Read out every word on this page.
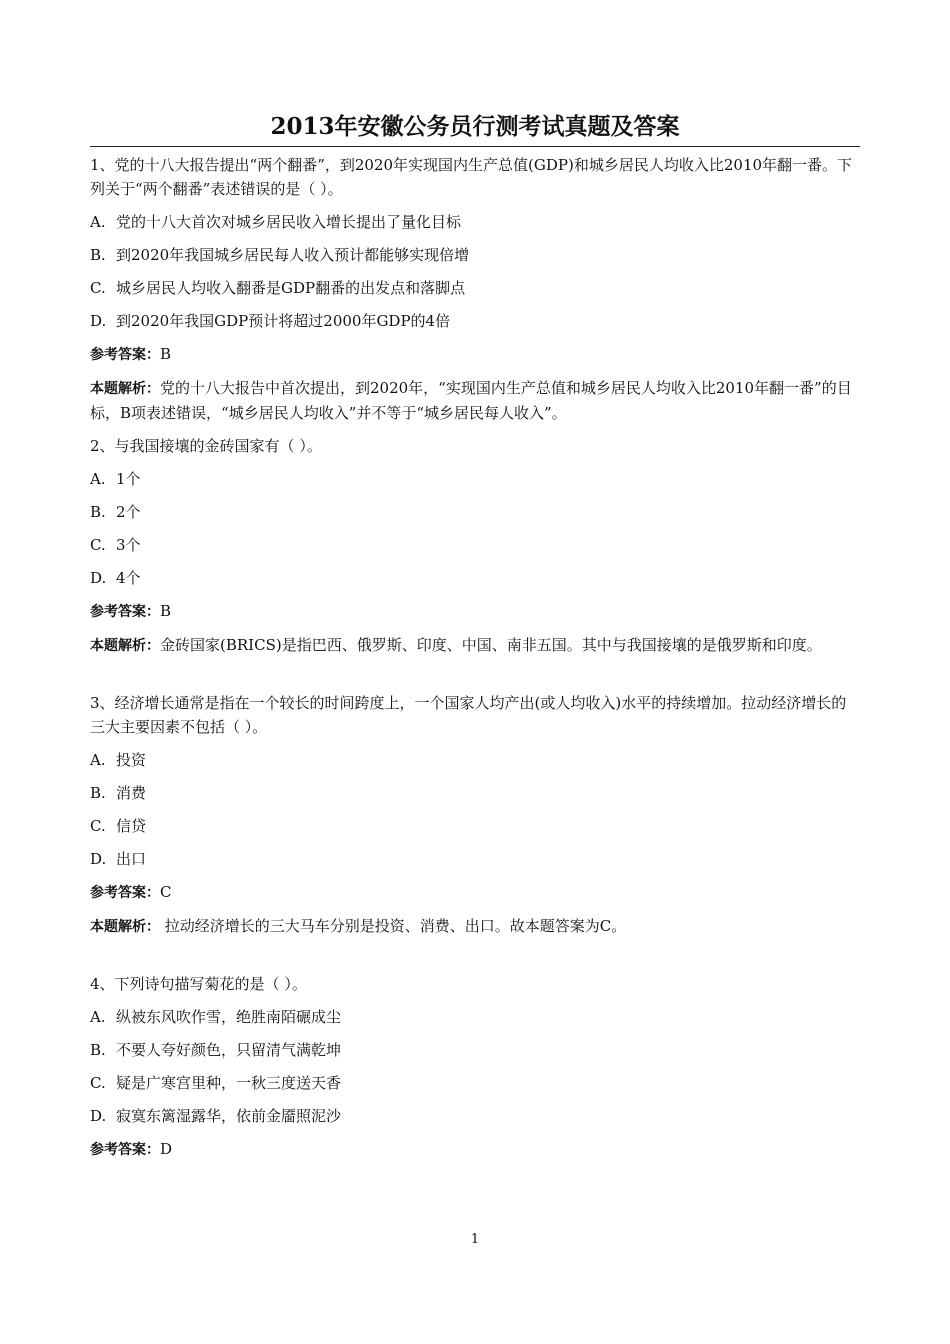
2013年安徽公务员行测考试真题及答案
1、党的十八大报告提出“两个翻番”，到2020年实现国内生产总值(GDP)和城乡居民人均收入比2010年翻一番。下列关于“两个翻番”表述错误的是（ ）。
A. 党的十八大首次对城乡居民收入增长提出了量化目标
B. 到2020年我国城乡居民每人收入预计都能够实现倍增
C. 城乡居民人均收入翻番是GDP翻番的出发点和落脚点
D. 到2020年我国GDP预计将超过2000年GDP的4倍
参考答案：B
本题解析：党的十八大报告中首次提出，到2020年，“实现国内生产总值和城乡居民人均收入比2010年翻一番”的目标，B项表述错误，“城乡居民人均收入”并不等于“城乡居民每人收入”。
2、与我国接壤的金砖国家有（ ）。
A. 1个
B. 2个
C. 3个
D. 4个
参考答案：B
本题解析：金砖国家(BRICS)是指巴西、俄罗斯、印度、中国、南非五国。其中与我国接壤的是俄罗斯和印度。
3、经济增长通常是指在一个较长的时间跨度上，一个国家人均产出(或人均收入)水平的持续增加。拉动经济增长的三大主要因素不包括（ ）。
A. 投资
B. 消费
C. 信贷
D. 出口
参考答案：C
本题解析： 拉动经济增长的三大马车分别是投资、消费、出口。故本题答案为C。
4、下列诗句描写菊花的是（ ）。
A. 纵被东风吹作雪，绝胜南陌碾成尘
B. 不要人夸好颜色，只留清气满乾坤
C. 疑是广寒宫里种，一秋三度送天香
D. 寂寞东篱湿露华，依前金靥照泥沙
参考答案：D
1
